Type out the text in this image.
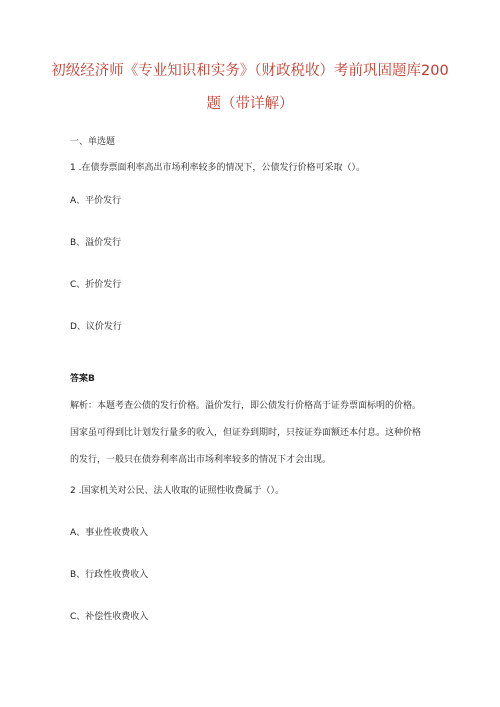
初级经济师《专业知识和实务》（财政税收）考前巩固题库200
题（带详解）
一、单选题
1 .在债券票面利率高出市场利率较多的情况下，公债发行价格可采取（）。
A、平价发行
B、溢价发行
C、折价发行
D、议价发行
答案B
解析：本题考查公债的发行价格。溢价发行，即公债发行价格高于证券票面标明的价格。
国家虽可得到比计划发行量多的收入，但证券到期时，只按证券面额还本付息。这种价格
的发行，一般只在债券利率高出市场利率较多的情况下才会出现。
2 .国家机关对公民、法人收取的证照性收费属于（）。
A、事业性收费收入
B、行政性收费收入
C、补偿性收费收入
